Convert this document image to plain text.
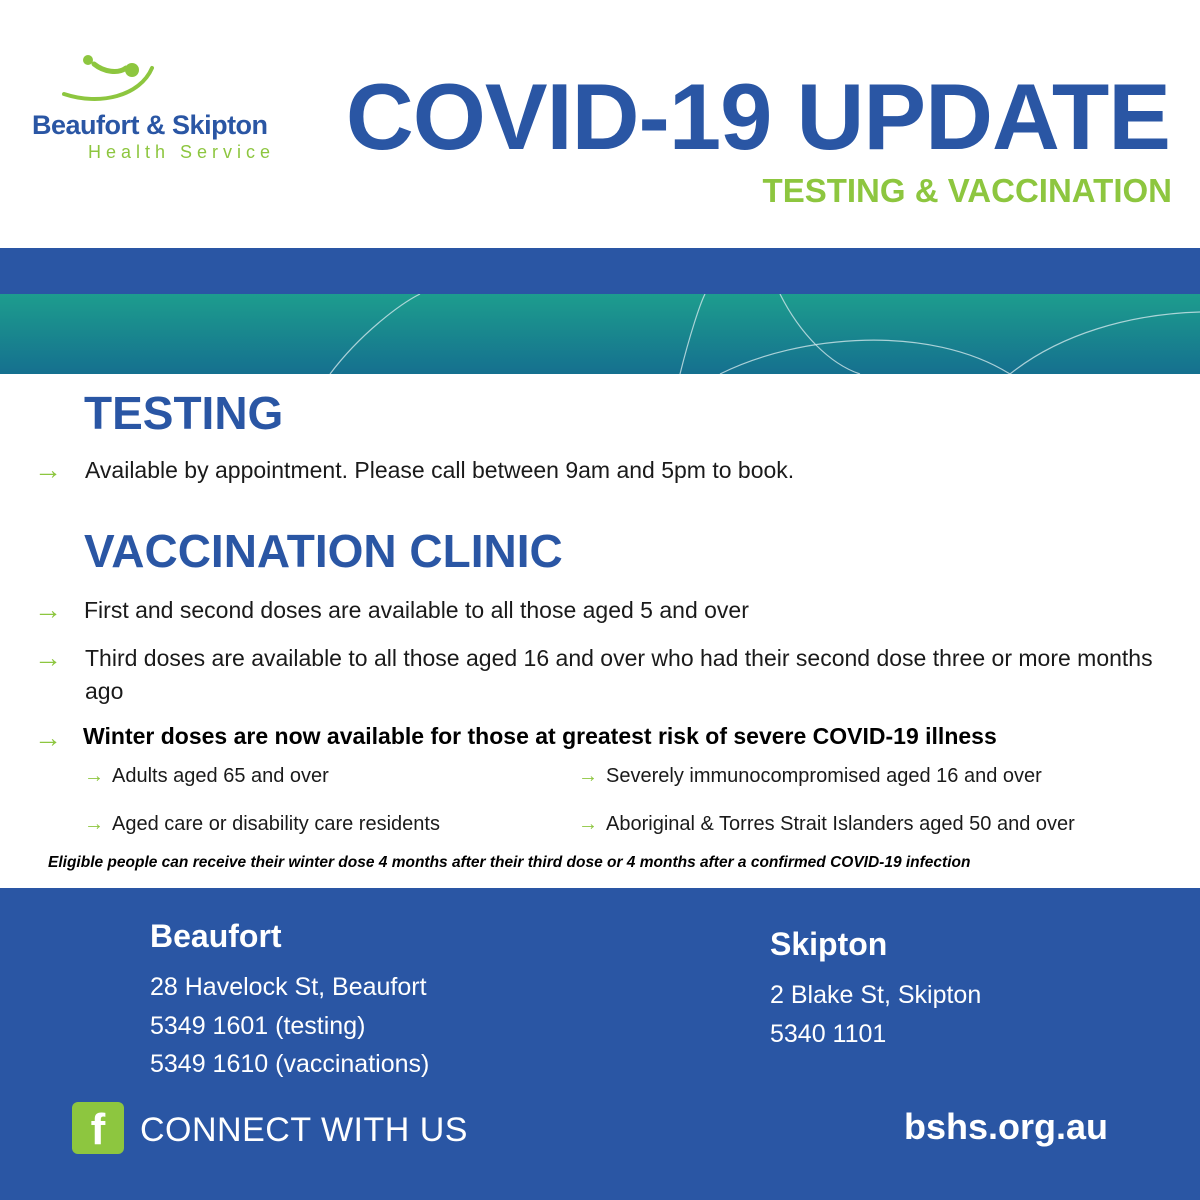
Beaufort & Skipton
Health Service COVID-19 UPDATE
TESTING & VACCINATION
TESTING
→ Available by appointment. Please call between 9am and 5pm to book.
VACCINATION CLINIC
→ First and second doses are available to all those aged 5 and over
→ Third doses are available to all those aged 16 and over who had their second dose three or more months ago
→ Winter doses are now available for those at greatest risk of severe COVID-19 illness
→ Adults aged 65 and over	→ Severely immunocompromised aged 16 and over
→ Aged care or disability care residents	→ Aboriginal & Torres Strait Islanders aged 50 and over
Eligible people can receive their winter dose 4 months after their third dose or 4 months after a confirmed COVID-19 infection
Beaufort
28 Havelock St, Beaufort
5349 1601 (testing)
5349 1610 (vaccinations)
Skipton
2 Blake St, Skipton
5340 1101
f	CONNECT WITH US	bshs.org.au
